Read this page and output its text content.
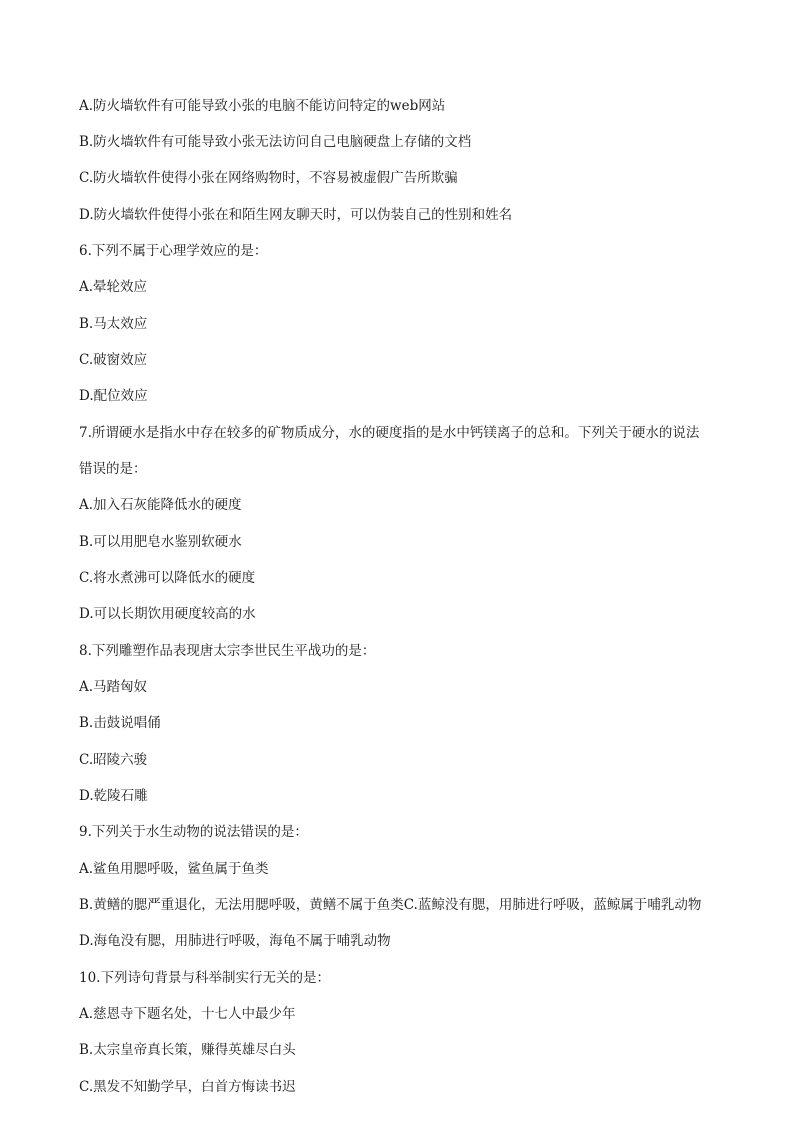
A.防火墙软件有可能导致小张的电脑不能访问特定的web网站
B.防火墙软件有可能导致小张无法访问自己电脑硬盘上存储的文档
C.防火墙软件使得小张在网络购物时，不容易被虚假广告所欺骗
D.防火墙软件使得小张在和陌生网友聊天时，可以伪装自己的性别和姓名
6.下列不属于心理学效应的是：
A.晕轮效应
B.马太效应
C.破窗效应
D.配位效应
7.所谓硬水是指水中存在较多的矿物质成分，水的硬度指的是水中钙镁离子的总和。下列关于硬水的说法
错误的是：
A.加入石灰能降低水的硬度
B.可以用肥皂水鉴别软硬水
C.将水煮沸可以降低水的硬度
D.可以长期饮用硬度较高的水
8.下列雕塑作品表现唐太宗李世民生平战功的是：
A.马踏匈奴
B.击鼓说唱俑
C.昭陵六骏
D.乾陵石雕
9.下列关于水生动物的说法错误的是：
A.鲨鱼用腮呼吸，鲨鱼属于鱼类
B.黄鳝的腮严重退化，无法用腮呼吸，黄鳝不属于鱼类C.蓝鲸没有腮，用肺进行呼吸，蓝鲸属于哺乳动物
D.海龟没有腮，用肺进行呼吸，海龟不属于哺乳动物
10.下列诗句背景与科举制实行无关的是：
A.慈恩寺下题名处，十七人中最少年
B.太宗皇帝真长策，赚得英雄尽白头
C.黑发不知勤学早，白首方悔读书迟
